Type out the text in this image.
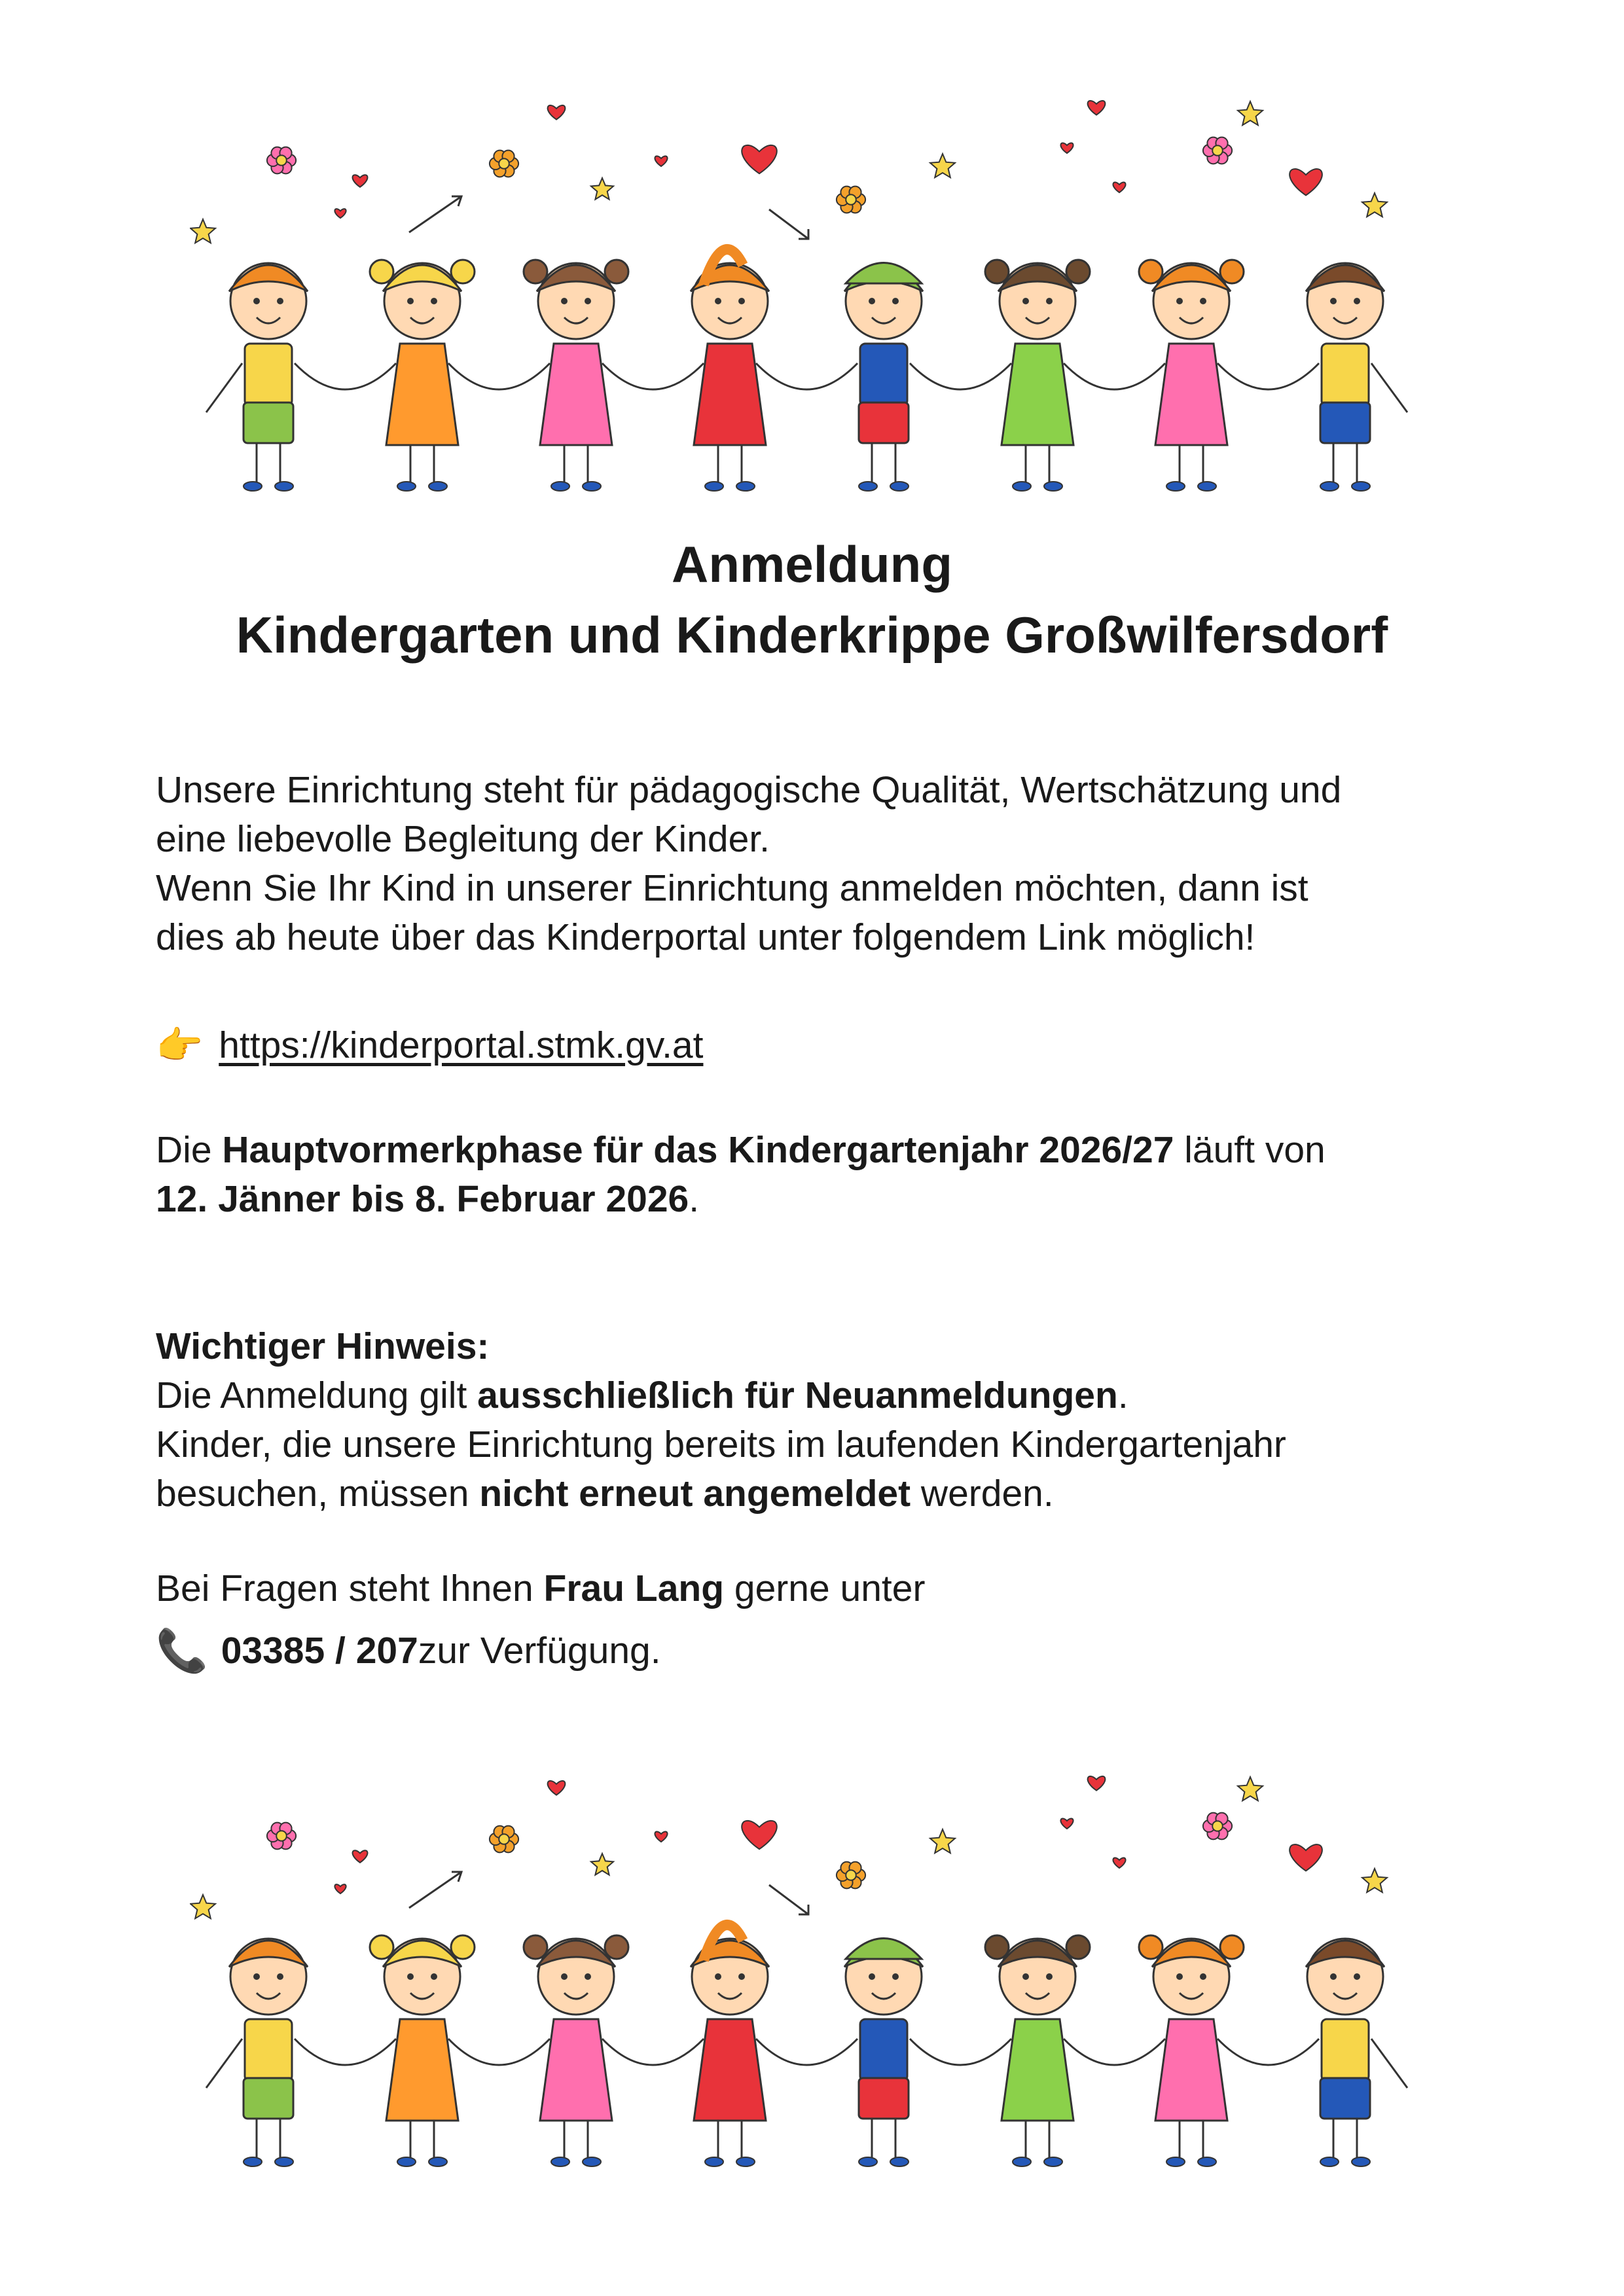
Anmeldung
Kindergarten und Kinderkrippe Großwilfersdorf
Unsere Einrichtung steht für pädagogische Qualität, Wertschätzung und
eine liebevolle Begleitung der Kinder.
Wenn Sie Ihr Kind in unserer Einrichtung anmelden möchten, dann ist
dies ab heute über das Kinderportal unter folgendem Link möglich!
👉 https://kinderportal.stmk.gv.at
Die Hauptvormerkphase für das Kindergartenjahr 2026/27 läuft von
12. Jänner bis 8. Februar 2026.
Wichtiger Hinweis:
Die Anmeldung gilt ausschließlich für Neuanmeldungen.
Kinder, die unsere Einrichtung bereits im laufenden Kindergartenjahr
besuchen, müssen nicht erneut angemeldet werden.
Bei Fragen steht Ihnen Frau Lang gerne unter
📞 03385 / 207 zur Verfügung.
